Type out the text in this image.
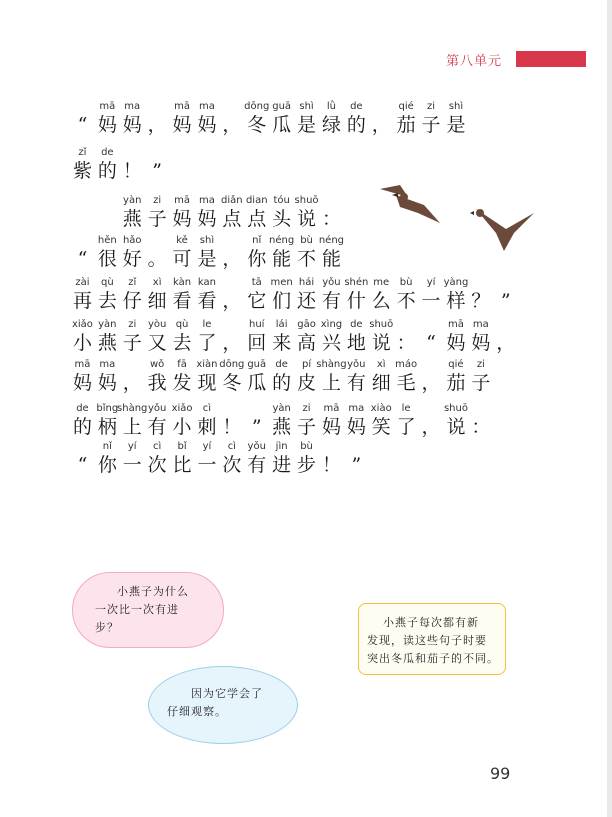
第八单元
“
mā
妈
ma
妈 ，
mā
妈
ma
妈 ，
dōng
冬
guā
瓜
shì
是
lǜ
绿
de
的 ，
qié
茄
zi
子
shì
是
zǐ
紫
de
的 ！ ”

yàn
燕
zi
子
mā
妈
ma
妈
diǎn
点
dian
点
tóu
头
shuō
说 ：
“
hěn
很
hǎo
好 。
kě
可
shì
是 ，
nǐ
你
néng
能
bù
不
néng
能
zài
再
qù
去
zǐ
仔
xì
细
kàn
看
kan
看 ，
tā
它
men
们
hái
还
yǒu
有
shén
什
me
么
bù
不
yí
一
yàng
样 ？ ”
xiǎo
小
yàn
燕
zi
子
yòu
又
qù
去
le
了 ，
huí
回
lái
来
gāo
高
xìng
兴
de
地
shuō
说 ： “
mā
妈
ma
妈 ，
mā
妈
ma
妈 ，
wǒ
我
fā
发
xiàn
现
dōng
冬
guā
瓜
de
的
pí
皮
shàng
上
yǒu
有
xì
细
máo
毛 ，
qié
茄
zi
子
de
的
bǐng
柄
shàng
上
yǒu
有
xiǎo
小
cì
刺 ！ ”
yàn
燕
zi
子
mā
妈
ma
妈
xiào
笑
le
了 ，
shuō
说 ：
“
nǐ
你
yí
一
cì
次
bǐ
比
yí
一
cì
次
yǒu
有
jìn
进
bù
步 ！ ”
小燕子为什么
一次比一次有进
步？
因为它学会了
仔细观察。
小燕子每次都有新
发现，读这些句子时要
突出冬瓜和茄子的不同。
99
